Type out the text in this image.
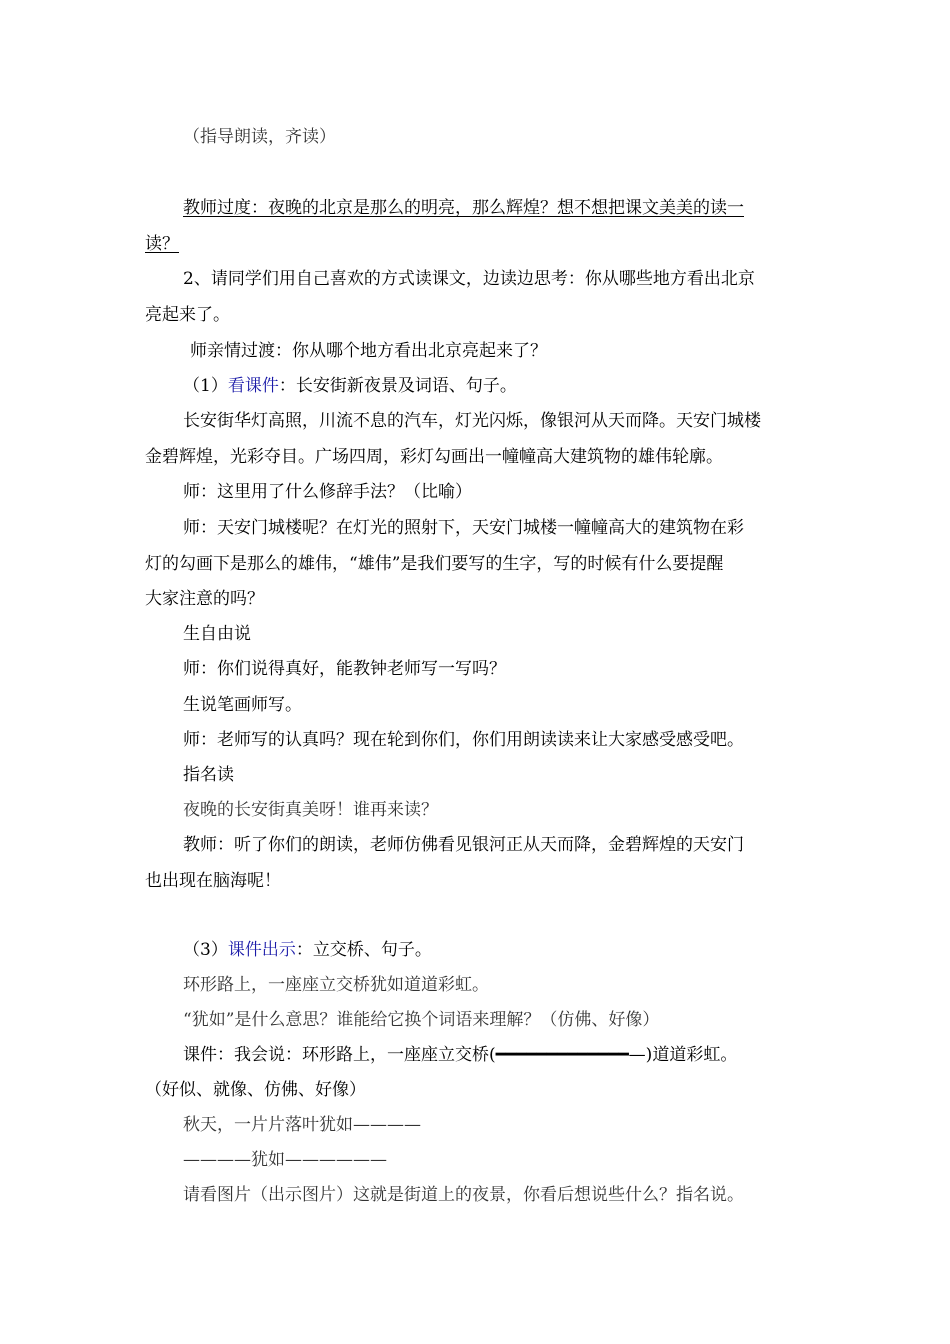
（指导朗读，齐读）
教师过度：夜晚的北京是那么的明亮，那么辉煌？想不想把课文美美的读一
读？
2、请同学们用自己喜欢的方式读课文，边读边思考：你从哪些地方看出北京
亮起来了。
师亲情过渡：你从哪个地方看出北京亮起来了？
（1）看课件：长安街新夜景及词语、句子。
长安街华灯高照，川流不息的汽车，灯光闪烁，像银河从天而降。天安门城楼
金碧辉煌，光彩夺目。广场四周，彩灯勾画出一幢幢高大建筑物的雄伟轮廓。
师：这里用了什么修辞手法？（比喻）
师：天安门城楼呢？在灯光的照射下，天安门城楼一幢幢高大的建筑物在彩
灯的勾画下是那么的雄伟，“雄伟”是我们要写的生字，写的时候有什么要提醒
大家注意的吗？
生自由说
师：你们说得真好，能教钟老师写一写吗？
生说笔画师写。
师：老师写的认真吗？现在轮到你们，你们用朗读读来让大家感受感受吧。
指名读
夜晚的长安街真美呀！谁再来读？
教师：听了你们的朗读，老师仿佛看见银河正从天而降，金碧辉煌的天安门
也出现在脑海呢！
（3）课件出示：立交桥、句子。
环形路上，一座座立交桥犹如道道彩虹。
“犹如”是什么意思？谁能给它换个词语来理解？（仿佛、好像）
课件：我会说：环形路上，一座座立交桥(━━━━━━━━━━━━━—)道道彩虹。
（好似、就像、仿佛、好像）
秋天，一片片落叶犹如————
————犹如——————
请看图片（出示图片）这就是街道上的夜景，你看后想说些什么？指名说。
